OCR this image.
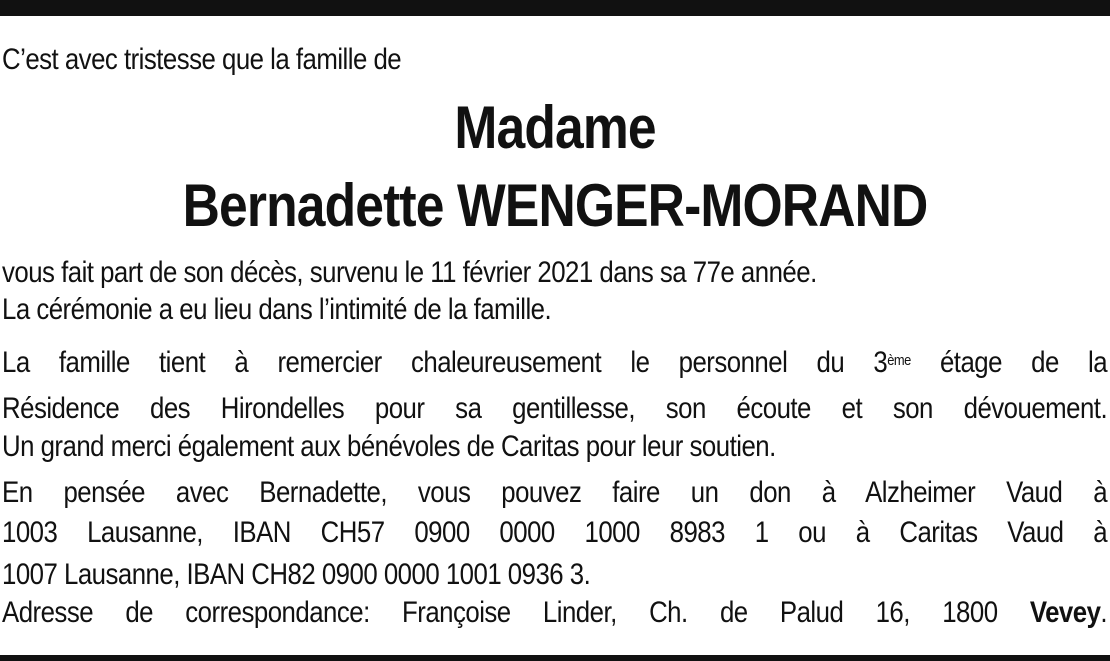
C’est avec tristesse que la famille de
Madame
Bernadette WENGER-MORAND
vous fait part de son décès, survenu le 11 février 2021 dans sa 77e année.
La cérémonie a eu lieu dans l’intimité de la famille.
La famille tient à remercier chaleureusement le personnel du 3ème étage de la
Résidence des Hirondelles pour sa gentillesse, son écoute et son dévouement.
Un grand merci également aux bénévoles de Caritas pour leur soutien.
En pensée avec Bernadette, vous pouvez faire un don à Alzheimer Vaud à
1003 Lausanne, IBAN CH57 0900 0000 1000 8983 1 ou à Caritas Vaud à
1007 Lausanne, IBAN CH82 0900 0000 1001 0936 3.
Adresse de correspondance: Françoise Linder, Ch. de Palud 16, 1800 Vevey.
